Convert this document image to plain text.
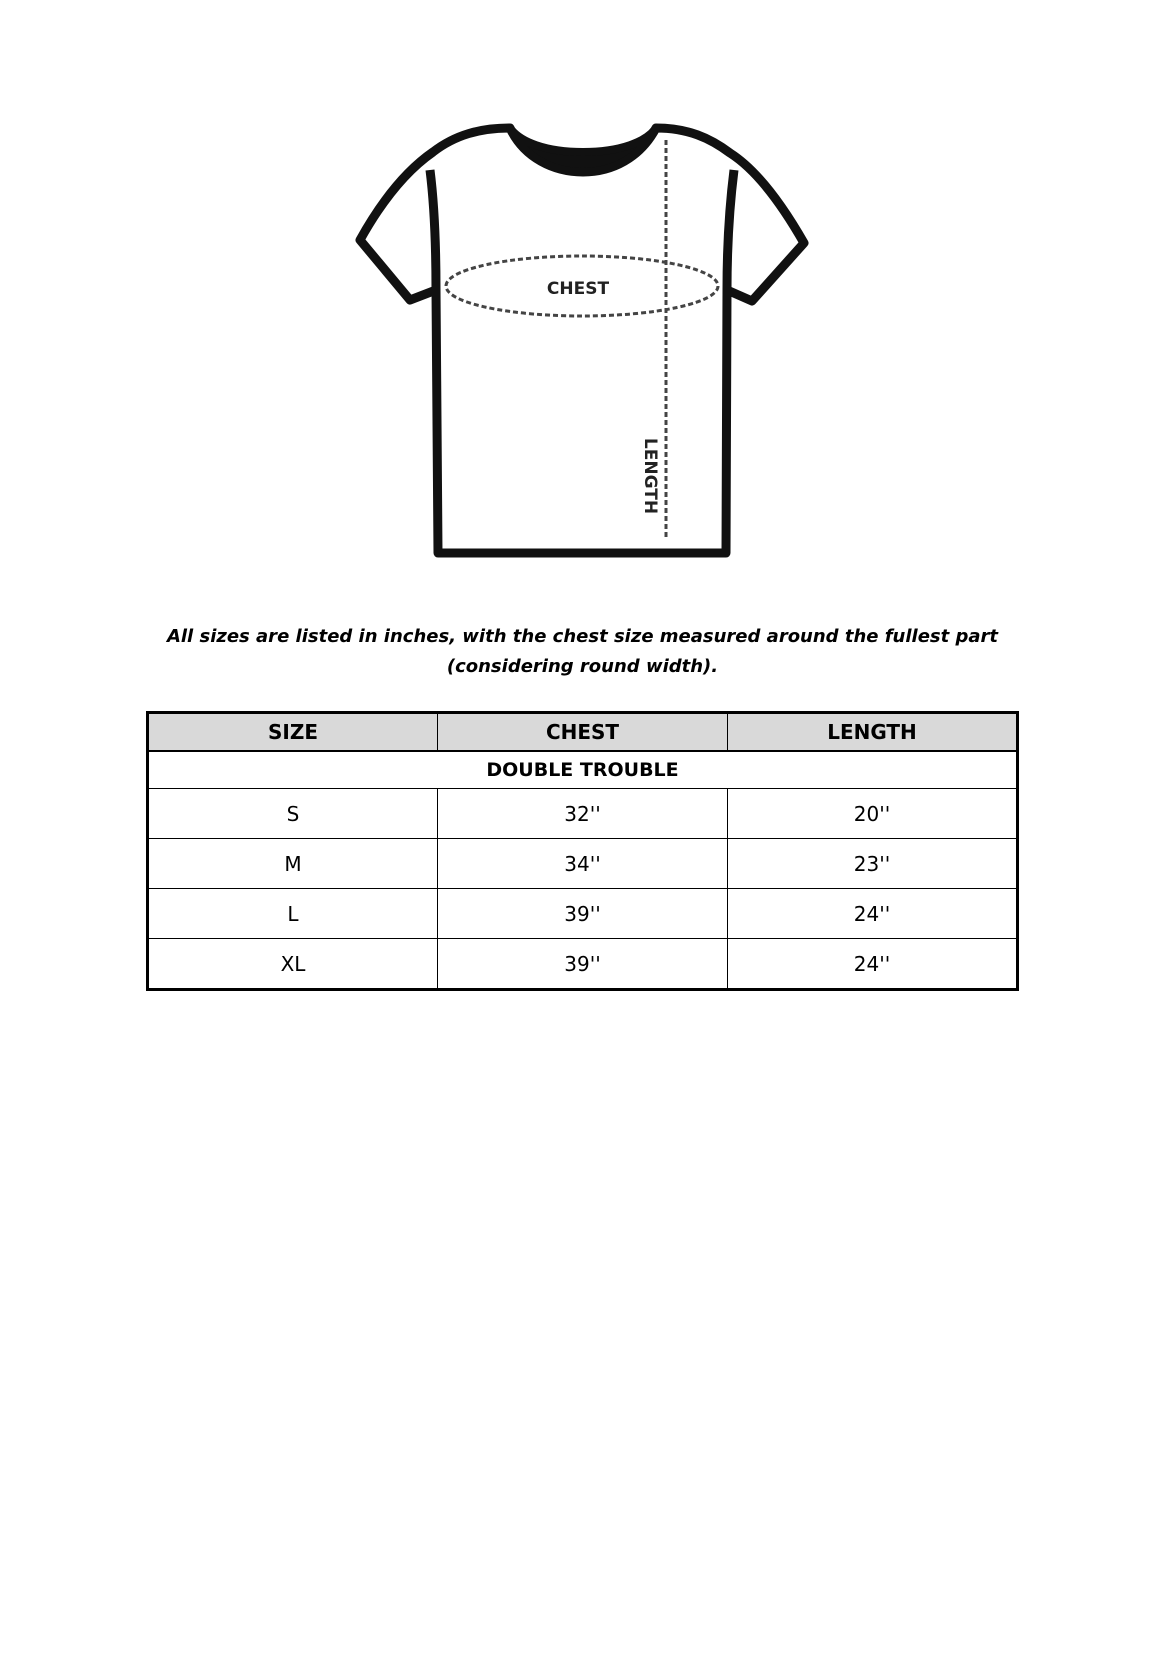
CHEST
LENGTH
All sizes are listed in inches, with the chest size measured around the fullest part
(considering round width).
SIZE	CHEST	LENGTH
DOUBLE TROUBLE		
S	32''	20''
M	34''	23''
L	39''	24''
XL	39''	24''
